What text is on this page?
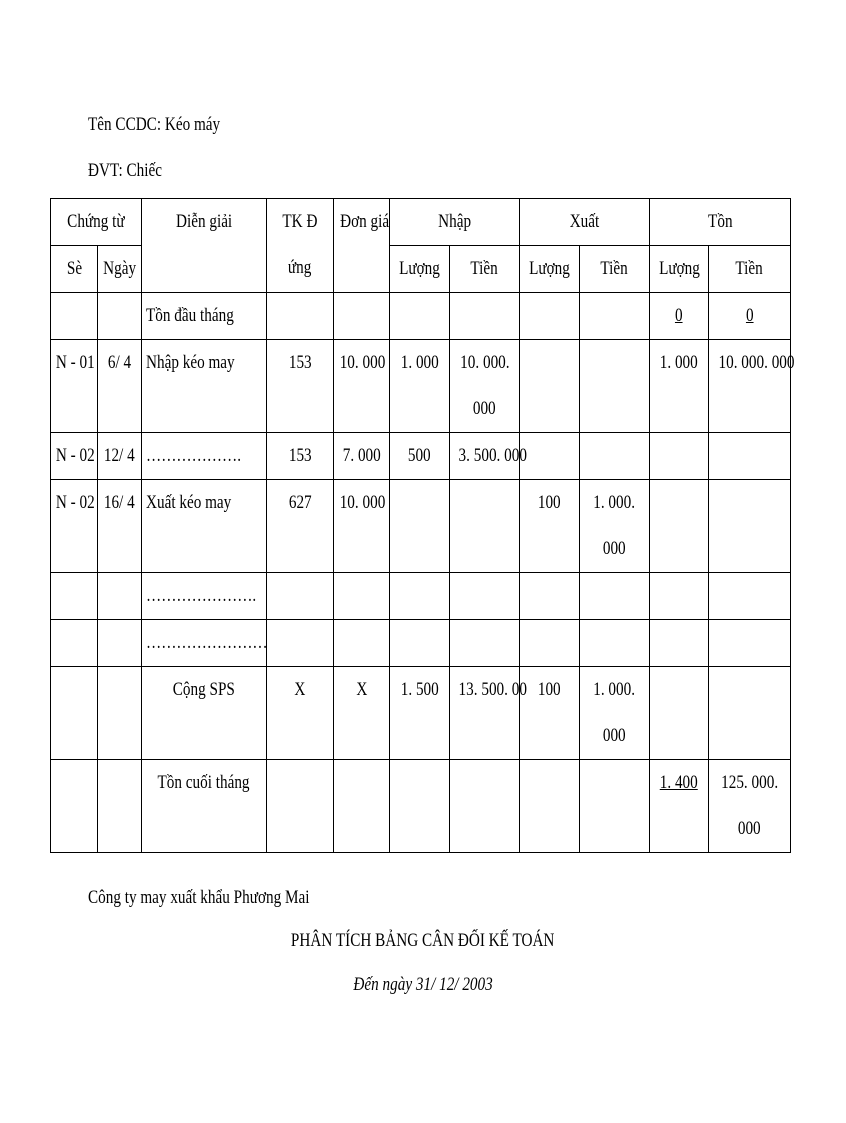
Tên CCDC: Kéo máy
ĐVT: Chiếc
Chứng từ		Diễn giải	TK Đ
ứng	Đơn giá	Nhập		Xuất		Tồn	

Sè	Ngày				Lượng	Tiền	Lượng	Tiền	Lượng	Tiền

		Tồn đầu tháng							0	0

N - 01	6/ 4	Nhập kéo may	153	10. 000	1. 000	10. 000.
000			1. 000	10. 000. 000

N - 02	12/ 4	……………….	153	7. 000	500	3. 500. 000				

N - 02	16/ 4	Xuất kéo may	627	10. 000			100	1. 000.
000		

		………………….								

		……………………								

		Cộng SPS	X	X	1. 500	13. 500. 00	100	1. 000.
000		

		Tồn cuối tháng							1. 400	125. 000.
000
Công ty may xuất khẩu Phương Mai
PHÂN TÍCH BẢNG CÂN ĐỐI KẾ TOÁN
Đến ngày 31/ 12/ 2003
